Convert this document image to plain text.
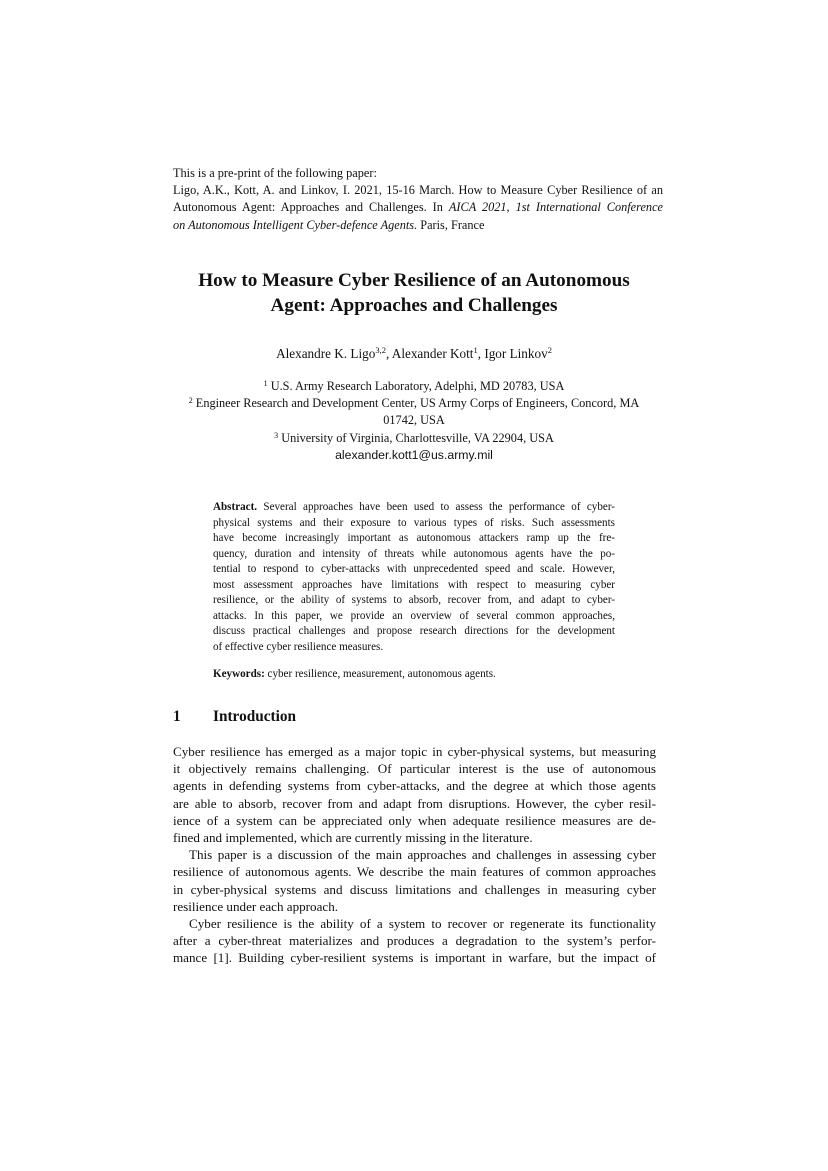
This is a pre-print of the following paper:
Ligo, A.K., Kott, A. and Linkov, I. 2021, 15-16 March. How to Measure Cyber Resilience of an
Autonomous Agent: Approaches and Challenges. In AICA 2021, 1st International Conference
on Autonomous Intelligent Cyber-defence Agents. Paris, France
How to Measure Cyber Resilience of an Autonomous
Agent: Approaches and Challenges
Alexandre K. Ligo$^{3,2}$, Alexander Kott$^1$, Igor Linkov$^2$
$^1$ U.S. Army Research Laboratory, Adelphi, MD 20783, USA
$^2$ Engineer Research and Development Center, US Army Corps of Engineers, Concord, MA
01742, USA
$^3$ University of Virginia, Charlottesville, VA 22904, USA
alexander.kott1@us.army.mil
Abstract. Several approaches have been used to assess the performance of cyber-
physical systems and their exposure to various types of risks. Such assessments
have become increasingly important as autonomous attackers ramp up the fre-
quency, duration and intensity of threats while autonomous agents have the po-
tential to respond to cyber-attacks with unprecedented speed and scale. However,
most assessment approaches have limitations with respect to measuring cyber
resilience, or the ability of systems to absorb, recover from, and adapt to cyber-
attacks. In this paper, we provide an overview of several common approaches,
discuss practical challenges and propose research directions for the development
of effective cyber resilience measures.
Keywords: cyber resilience, measurement, autonomous agents.
1 Introduction
Cyber resilience has emerged as a major topic in cyber-physical systems, but measuring
it objectively remains challenging. Of particular interest is the use of autonomous
agents in defending systems from cyber-attacks, and the degree at which those agents
are able to absorb, recover from and adapt from disruptions. However, the cyber resil-
ience of a system can be appreciated only when adequate resilience measures are de-
fined and implemented, which are currently missing in the literature.
This paper is a discussion of the main approaches and challenges in assessing cyber
resilience of autonomous agents. We describe the main features of common approaches
in cyber-physical systems and discuss limitations and challenges in measuring cyber
resilience under each approach.
Cyber resilience is the ability of a system to recover or regenerate its functionality
after a cyber-threat materializes and produces a degradation to the system’s perfor-
mance [1]. Building cyber-resilient systems is important in warfare, but the impact of
